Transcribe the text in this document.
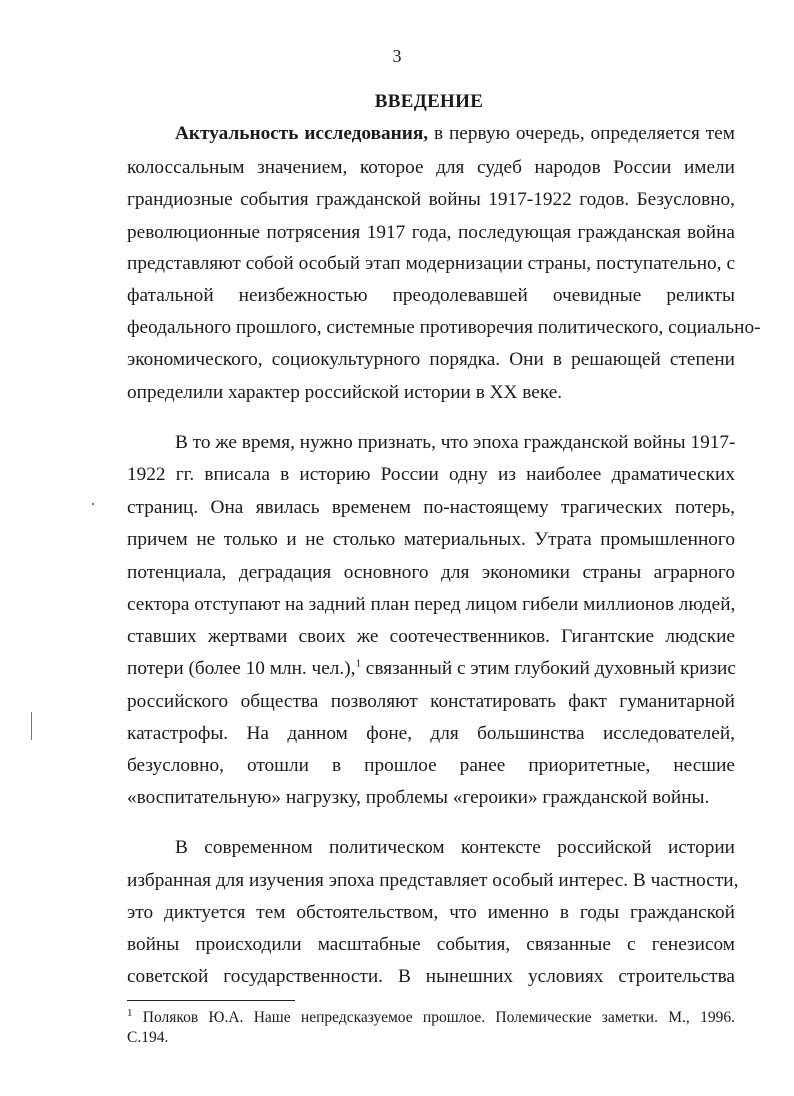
3
ВВЕДЕНИЕ
Актуальность исследования, в первую очередь, определяется тем
колоссальным значением, которое для судеб народов России имели
грандиозные события гражданской войны 1917-1922 годов. Безусловно,
революционные потрясения 1917 года, последующая гражданская война
представляют собой особый этап модернизации страны, поступательно, с
фатальной неизбежностью преодолевавшей очевидные реликты
феодального прошлого, системные противоречия политического, социально-
экономического, социокультурного порядка. Они в решающей степени
определили характер российской истории в XX веке.
В то же время, нужно признать, что эпоха гражданской войны 1917-
1922 гг. вписала в историю России одну из наиболее драматических
страниц. Она явилась временем по-настоящему трагических потерь,
причем не только и не столько материальных. Утрата промышленного
потенциала, деградация основного для экономики страны аграрного
сектора отступают на задний план перед лицом гибели миллионов людей,
ставших жертвами своих же соотечественников. Гигантские людские
потери (более 10 млн. чел.),$^1$ связанный с этим глубокий духовный кризис
российского общества позволяют констатировать факт гуманитарной
катастрофы. На данном фоне, для большинства исследователей,
безусловно, отошли в прошлое ранее приоритетные, несшие
«воспитательную» нагрузку, проблемы «героики» гражданской войны.
В современном политическом контексте российской истории
избранная для изучения эпоха представляет особый интерес. В частности,
это диктуется тем обстоятельством, что именно в годы гражданской
войны происходили масштабные события, связанные с генезисом
советской государственности. В нынешних условиях строительства
$^1$ Поляков Ю.А. Наше непредсказуемое прошлое. Полемические заметки. М., 1996.
С.194.
